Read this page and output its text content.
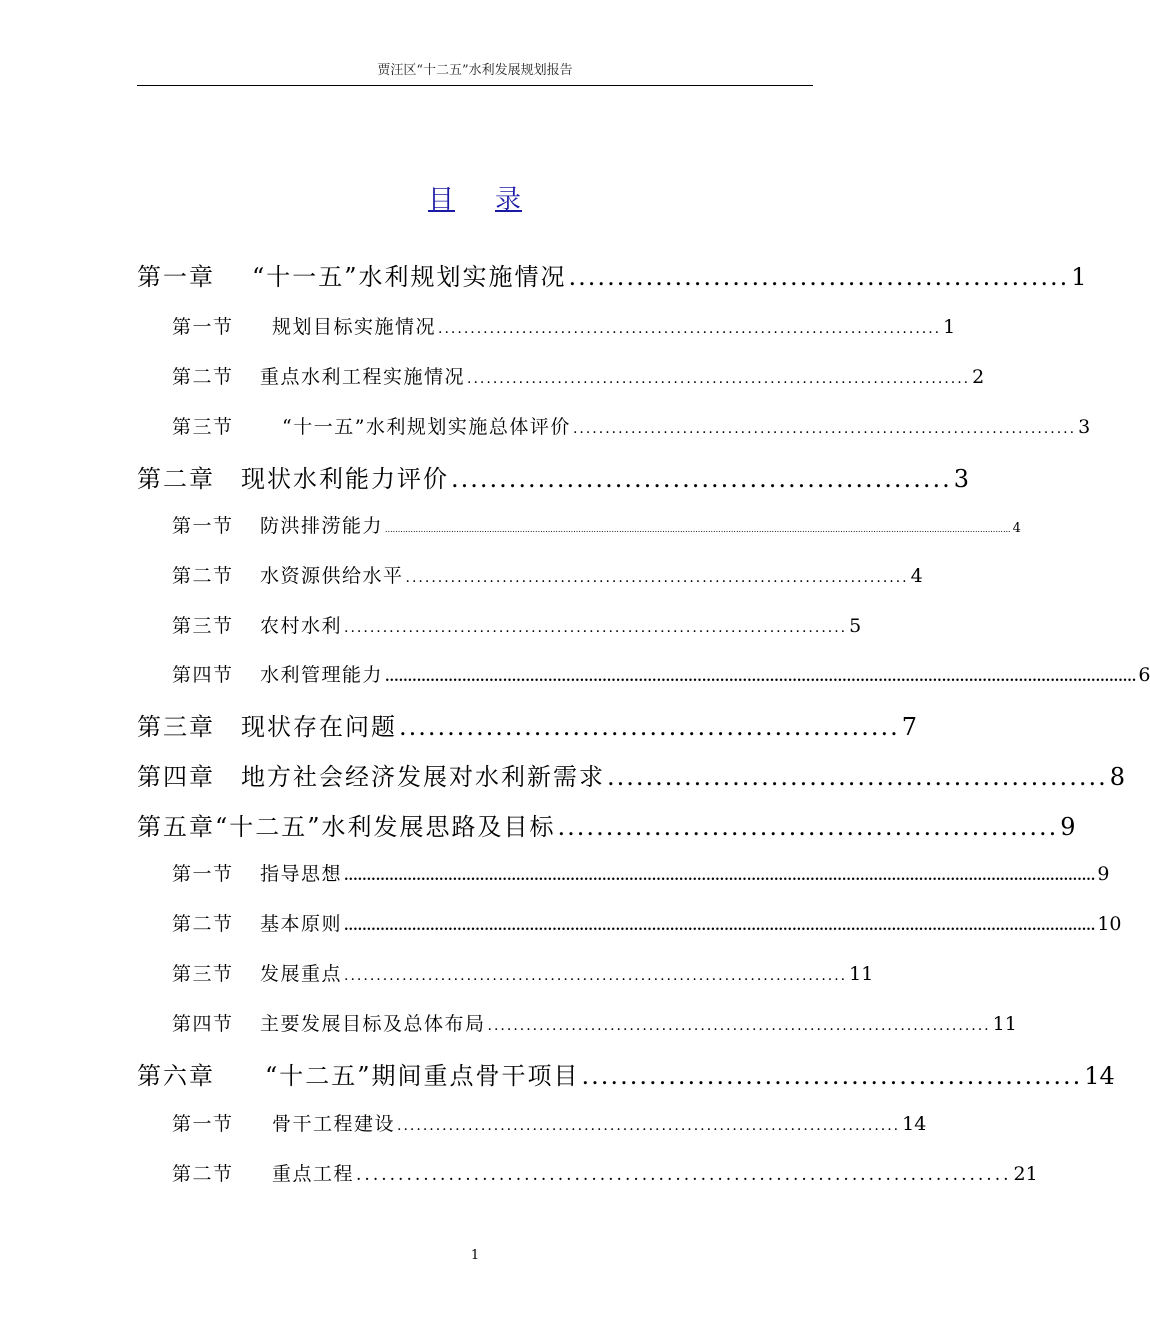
贾汪区“十二五”水利发展规划报告
目 录
第一章	“十一五”水利规划实施情况 .................................................... 1
第一节	规划目标实施情况 .............................................................................. 1
第二节	重点水利工程实施情况 .............................................................................. 2
第三节	“十一五”水利规划实施总体评价 .............................................................................. 3
第二章	现状水利能力评价 .................................................... 3
第一节	防洪排涝能力 ...................................................................................................................................................................................................................................................... 4
第二节	水资源供给水平 .............................................................................. 4
第三节	农村水利 .............................................................................. 5
第四节	水利管理能力 ...................................................................................................................................................................... 6
第三章	现状存在问题 .................................................... 7
第四章	地方社会经济发展对水利新需求 .................................................... 8
第五章 “十二五”水利发展思路及目标 .................................................... 9
第一节	指导思想 ...................................................................................................................................................................... 9
第二节	基本原则 ...................................................................................................................................................................... 10
第三节	发展重点 .............................................................................. 11
第四节	主要发展目标及总体布局 .............................................................................. 11
第六章	“十二五”期间重点骨干项目 .................................................... 14
第一节	骨干工程建设 .............................................................................. 14
第二节	重点工程 .............................................................................. 21
1
